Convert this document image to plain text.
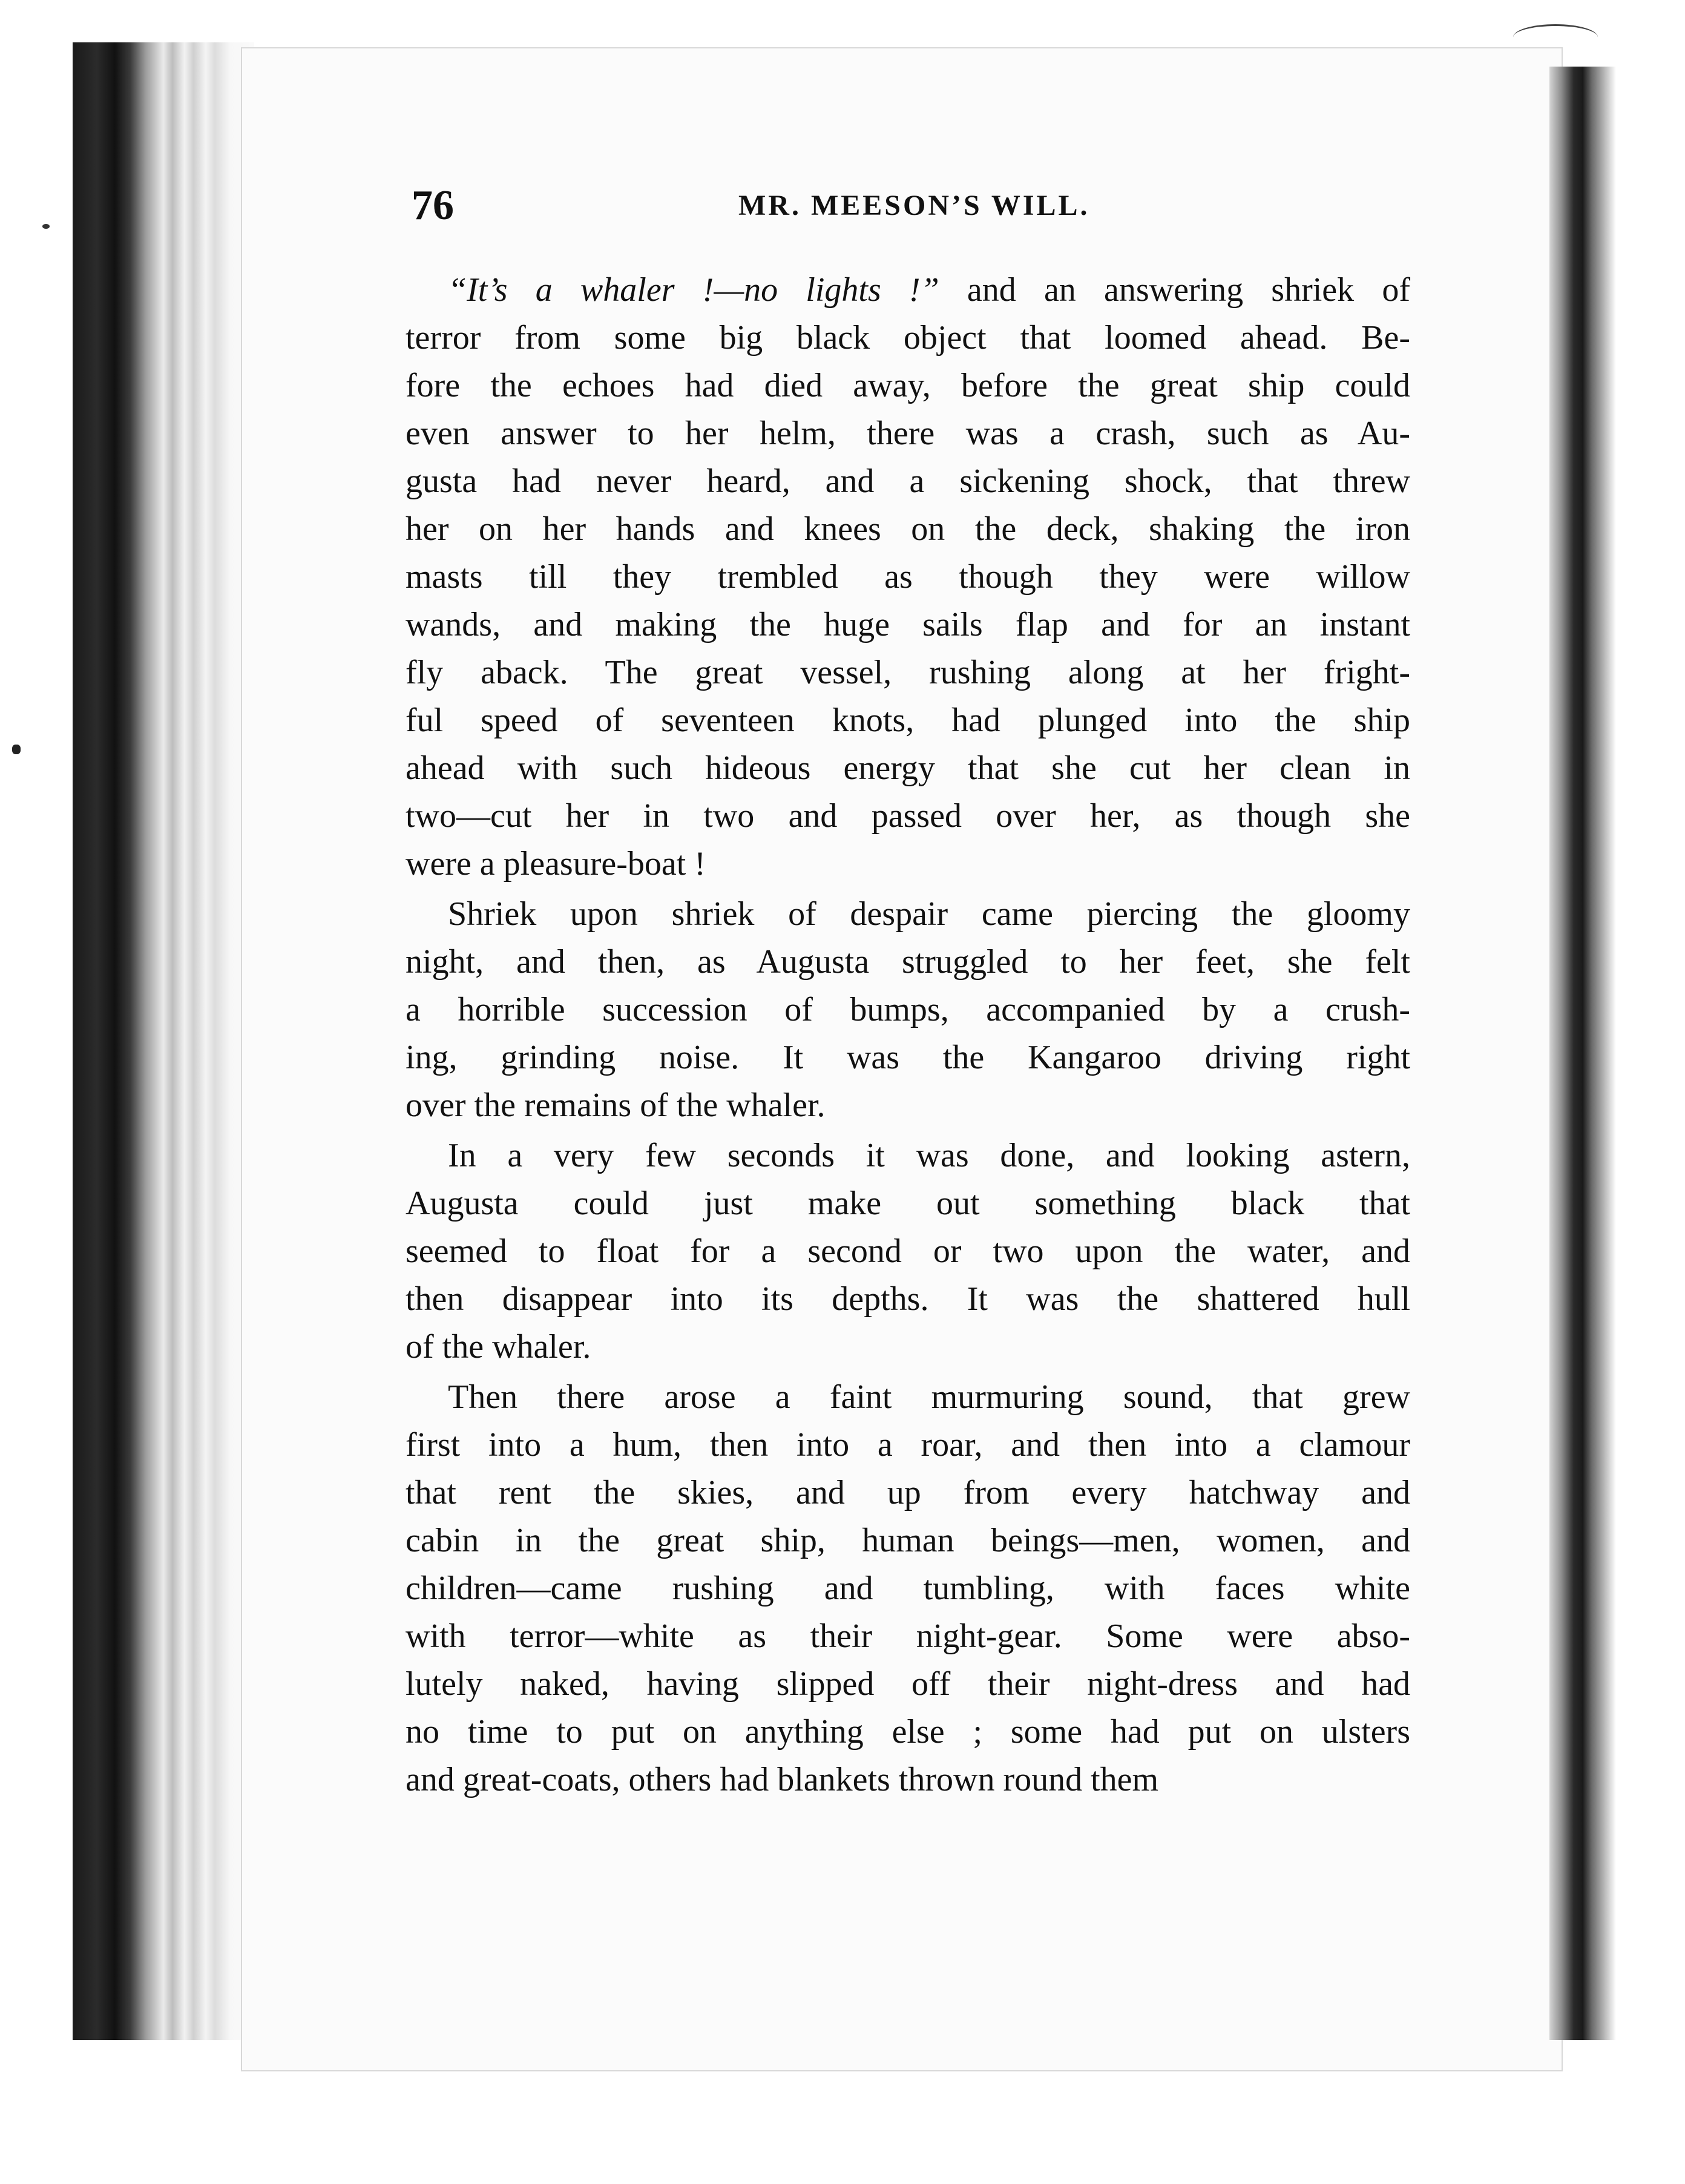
76	MR. MEESON’S WILL.
“It’s a whaler !—no lights !” and an answering shriek of
terror from some big black object that loomed ahead. Be-
fore the echoes had died away, before the great ship could
even answer to her helm, there was a crash, such as Au-
gusta had never heard, and a sickening shock, that threw
her on her hands and knees on the deck, shaking the iron
masts till they trembled as though they were willow
wands, and making the huge sails flap and for an instant
fly aback. The great vessel, rushing along at her fright-
ful speed of seventeen knots, had plunged into the ship
ahead with such hideous energy that she cut her clean in
two—cut her in two and passed over her, as though she
were a pleasure-boat !
Shriek upon shriek of despair came piercing the gloomy
night, and then, as Augusta struggled to her feet, she felt
a horrible succession of bumps, accompanied by a crush-
ing, grinding noise. It was the Kangaroo driving right
over the remains of the whaler.
In a very few seconds it was done, and looking astern,
Augusta could just make out something black that
seemed to float for a second or two upon the water, and
then disappear into its depths. It was the shattered hull
of the whaler.
Then there arose a faint murmuring sound, that grew
first into a hum, then into a roar, and then into a clamour
that rent the skies, and up from every hatchway and
cabin in the great ship, human beings—men, women, and
children—came rushing and tumbling, with faces white
with terror—white as their night-gear. Some were abso-
lutely naked, having slipped off their night-dress and had
no time to put on anything else ; some had put on ulsters
and great-coats, others had blankets thrown round them
